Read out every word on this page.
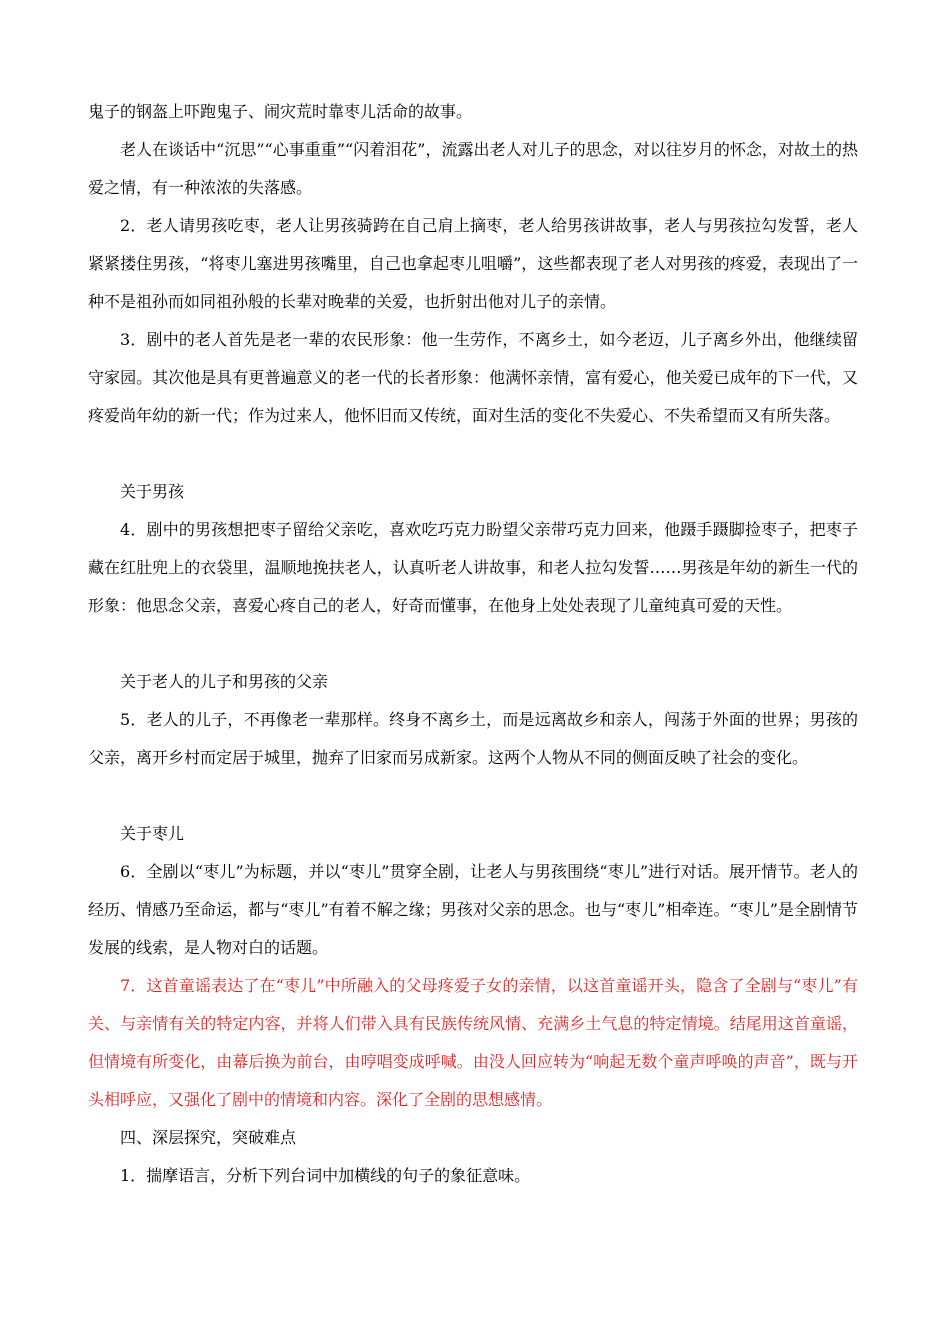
鬼子的钢盔上吓跑鬼子、闹灾荒时靠枣儿活命的故事。

老人在谈话中“沉思”“心事重重”“闪着泪花”，流露出老人对儿子的思念，对以往岁月的怀念，对故土的热爱之情，有一种浓浓的失落感。

2．老人请男孩吃枣，老人让男孩骑跨在自己肩上摘枣，老人给男孩讲故事，老人与男孩拉勾发誓，老人紧紧搂住男孩，“将枣儿塞进男孩嘴里，自己也拿起枣儿咀嚼”，这些都表现了老人对男孩的疼爱，表现出了一种不是祖孙而如同祖孙般的长辈对晚辈的关爱，也折射出他对儿子的亲情。

3．剧中的老人首先是老一辈的农民形象：他一生劳作，不离乡土，如今老迈，儿子离乡外出，他继续留守家园。其次他是具有更普遍意义的老一代的长者形象：他满怀亲情，富有爱心，他关爱已成年的下一代，又疼爱尚年幼的新一代；作为过来人，他怀旧而又传统，面对生活的变化不失爱心、不失希望而又有所失落。

关于男孩

4．剧中的男孩想把枣子留给父亲吃，喜欢吃巧克力盼望父亲带巧克力回来，他蹑手蹑脚捡枣子，把枣子藏在红肚兜上的衣袋里，温顺地挽扶老人，认真听老人讲故事，和老人拉勾发誓……男孩是年幼的新生一代的形象：他思念父亲，喜爱心疼自己的老人，好奇而懂事，在他身上处处表现了儿童纯真可爱的天性。

关于老人的儿子和男孩的父亲

5．老人的儿子，不再像老一辈那样。终身不离乡土，而是远离故乡和亲人，闯荡于外面的世界；男孩的父亲，离开乡村而定居于城里，抛弃了旧家而另成新家。这两个人物从不同的侧面反映了社会的变化。

关于枣儿

6．全剧以“枣儿”为标题，并以“枣儿”贯穿全剧，让老人与男孩围绕“枣儿”进行对话。展开情节。老人的经历、情感乃至命运，都与“枣儿”有着不解之缘；男孩对父亲的思念。也与“枣儿”相牵连。“枣儿”是全剧情节发展的线索，是人物对白的话题。

7．这首童谣表达了在“枣儿”中所融入的父母疼爱子女的亲情，以这首童谣开头，隐含了全剧与“枣儿”有关、与亲情有关的特定内容，并将人们带入具有民族传统风情、充满乡土气息的特定情境。结尾用这首童谣，但情境有所变化，由幕后换为前台，由哼唱变成呼喊。由没人回应转为“响起无数个童声呼唤的声音”，既与开头相呼应，又强化了剧中的情境和内容。深化了全剧的思想感情。

四、深层探究，突破难点

1．揣摩语言，分析下列台词中加横线的句子的象征意味。
